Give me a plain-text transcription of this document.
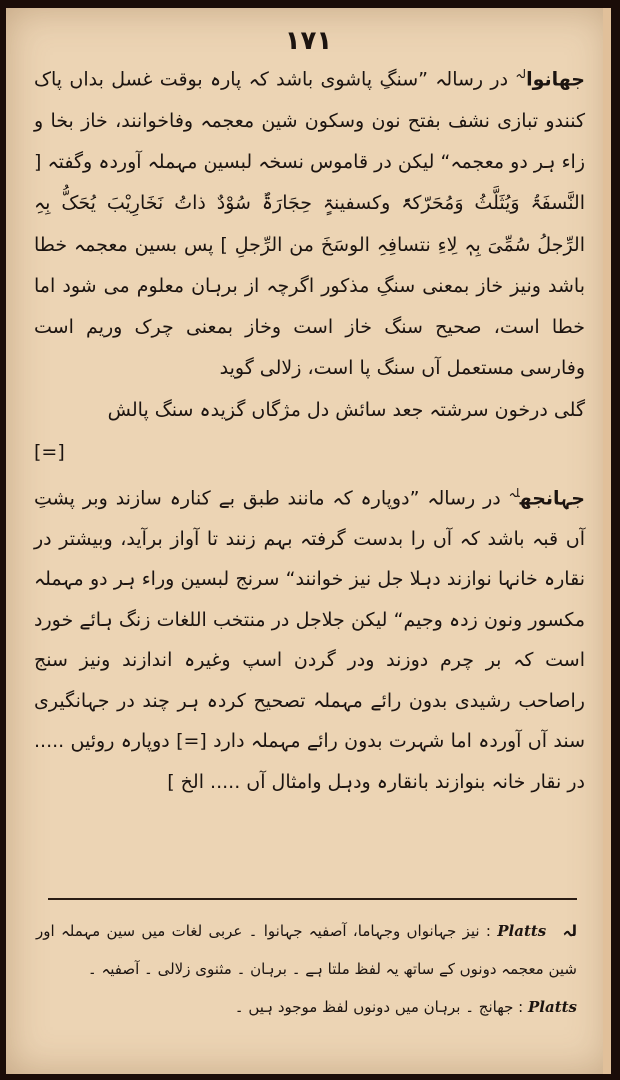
۱۷۱

جهانوا$^{لہ}$ در رسالہ ”سنگِ پاشوی باشد کہ پارہ بوقت غسل بداں پاک کنندو تبازی نشف بفتح نون وسکون شین معجمہ وفاخوانند، خاز بخا و زاء ہر دو معجمہ“ لیکن در قاموس نسخہ لبسین مہملہ آوردہ وگفتہ [ النَّسفَۃُ وَیُثَلَّثُ وَمُحَرّکۃً وکسفینۃٍ حِجَارَۃٌ سُوْدٌ ذاتُ نَخَارِیْبَ یُحَکُّ بِہِ الرِّجلُ سُمِّیَ بِہٖ لِاءِ نتسافِہِ الوسَخَ من الرِّجلِ ] پس بسین معجمہ خطا باشد ونیز خاز بمعنی سنگِ مذکور اگرچہ از برہان معلوم می شود اما خطا است، صحیح سنگ خاز است وخاز بمعنی چرک وریم است وفارسی مستعمل آں سنگ پا است، زلالی گوید

گلی درخون سرشتہ جعد سائش دل مژگاں گزیدہ سنگ پالش

[=]

جہانجھ$^{لہ}$ در رسالہ ”دوپارہ کہ مانند طبق بے کنارہ سازند وبر پشتِ آں قبہ باشد کہ آں را بدست گرفتہ بہم زنند تا آواز برآید، وبیشتر در نقارہ خانہا نوازند دہلا جل نیز خوانند“ سرنج لبسین وراء ہر دو مہملہ مکسور ونون زدہ وجیم“ لیکن جلاجل در منتخب اللغات زنگ ہائے خورد است کہ بر چرم دوزند ودر گردن اسپ وغیرہ اندازند ونیز سنج راصاحب رشیدی بدون رائے مہملہ تصحیح کردہ ہر چند در جہانگیری سند آں آوردہ اما شہرت بدون رائے مہملہ دارد [=] دوپارہ روئیں ..... در نقار خانہ بنوازند بانقارہ ودہل وامثال آں ..... الخ ]

لہ Platts : نیز جہانواں وجہاما، آصفیہ جہانوا ۔ عربی لغات میں سین مہملہ اور شین معجمہ دونوں کے ساتھ یہ لفظ ملتا ہے ۔ برہان ۔ مثنوی زلالی ۔ آصفیہ ۔

Platts : جھانج ۔ برہان میں دونوں لفظ موجود ہیں ۔
